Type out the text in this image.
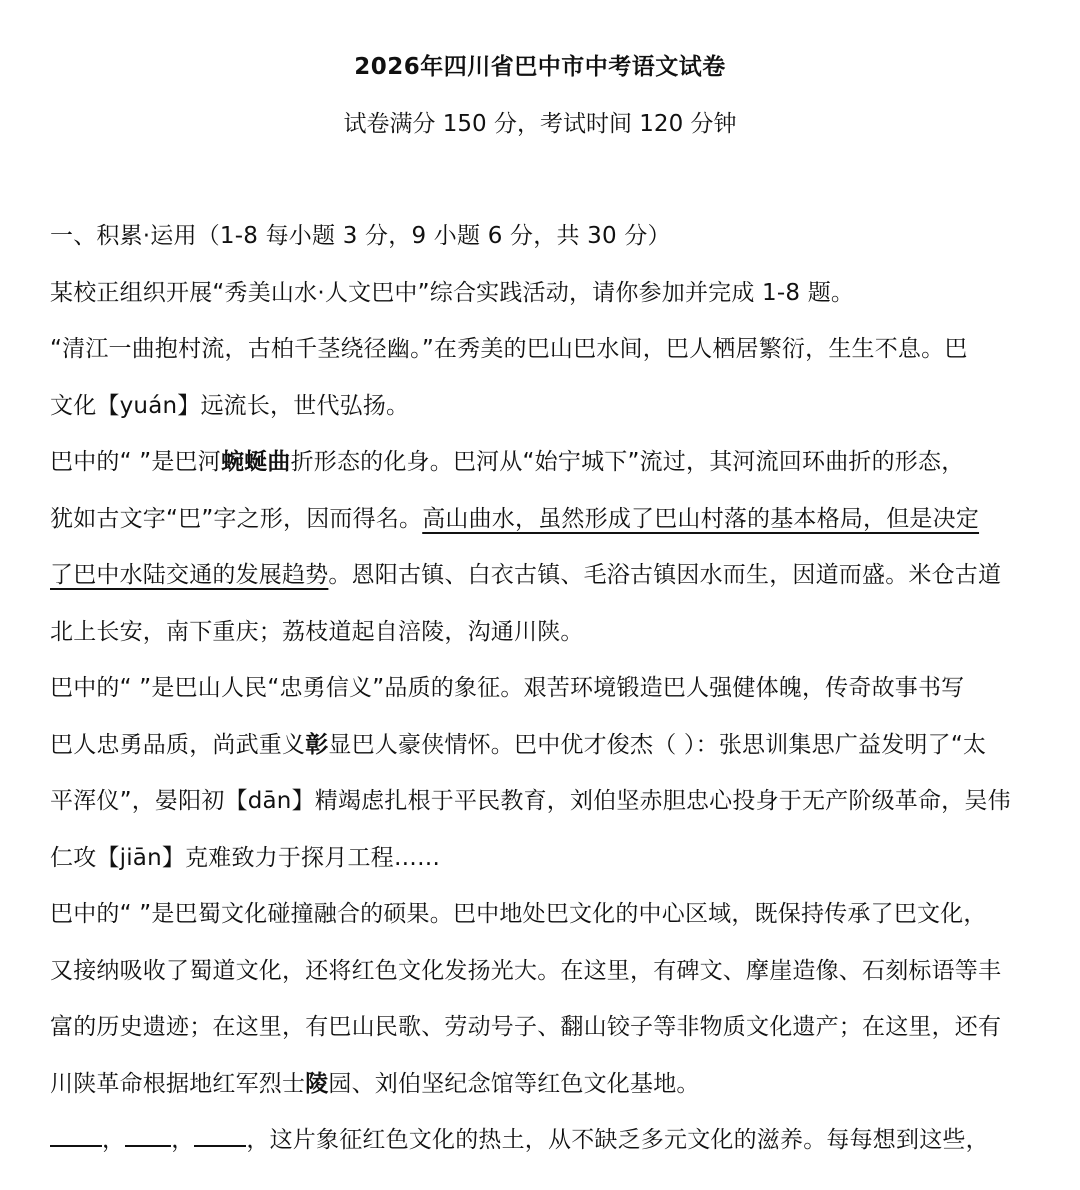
2026年四川省巴中市中考语文试卷
试卷满分 150 分，考试时间 120 分钟
一、积累·运用（1-8 每小题 3 分，9 小题 6 分，共 30 分）
某校正组织开展“秀美山水·人文巴中”综合实践活动，请你参加并完成 1-8 题。
“清江一曲抱村流，古柏千茎绕径幽。”在秀美的巴山巴水间，巴人栖居繁衍，生生不息。巴
文化【yuán】远流长，世代弘扬。
巴中的“ ”是巴河蜿蜒曲折形态的化身。巴河从“始宁城下”流过，其河流回环曲折的形态，
犹如古文字“巴”字之形，因而得名。高山曲水，虽然形成了巴山村落的基本格局，但是决定
了巴中水陆交通的发展趋势。恩阳古镇、白衣古镇、毛浴古镇因水而生，因道而盛。米仓古道
北上长安，南下重庆；荔枝道起自涪陵，沟通川陕。
巴中的“ ”是巴山人民“忠勇信义”品质的象征。艰苦环境锻造巴人强健体魄，传奇故事书写
巴人忠勇品质，尚武重义彰显巴人豪侠情怀。巴中优才俊杰（ ）：张思训集思广益发明了“太
平浑仪”，晏阳初【dān】精竭虑扎根于平民教育，刘伯坚赤胆忠心投身于无产阶级革命，吴伟
仁攻【jiān】克难致力于探月工程……
巴中的“ ”是巴蜀文化碰撞融合的硕果。巴中地处巴文化的中心区域，既保持传承了巴文化，
又接纳吸收了蜀道文化，还将红色文化发扬光大。在这里，有碑文、摩崖造像、石刻标语等丰
富的历史遗迹；在这里，有巴山民歌、劳动号子、翻山铰子等非物质文化遗产；在这里，还有
川陕革命根据地红军烈士陵园、刘伯坚纪念馆等红色文化基地。
， ， ，这片象征红色文化的热土，从不缺乏多元文化的滋养。每每想到这些，
